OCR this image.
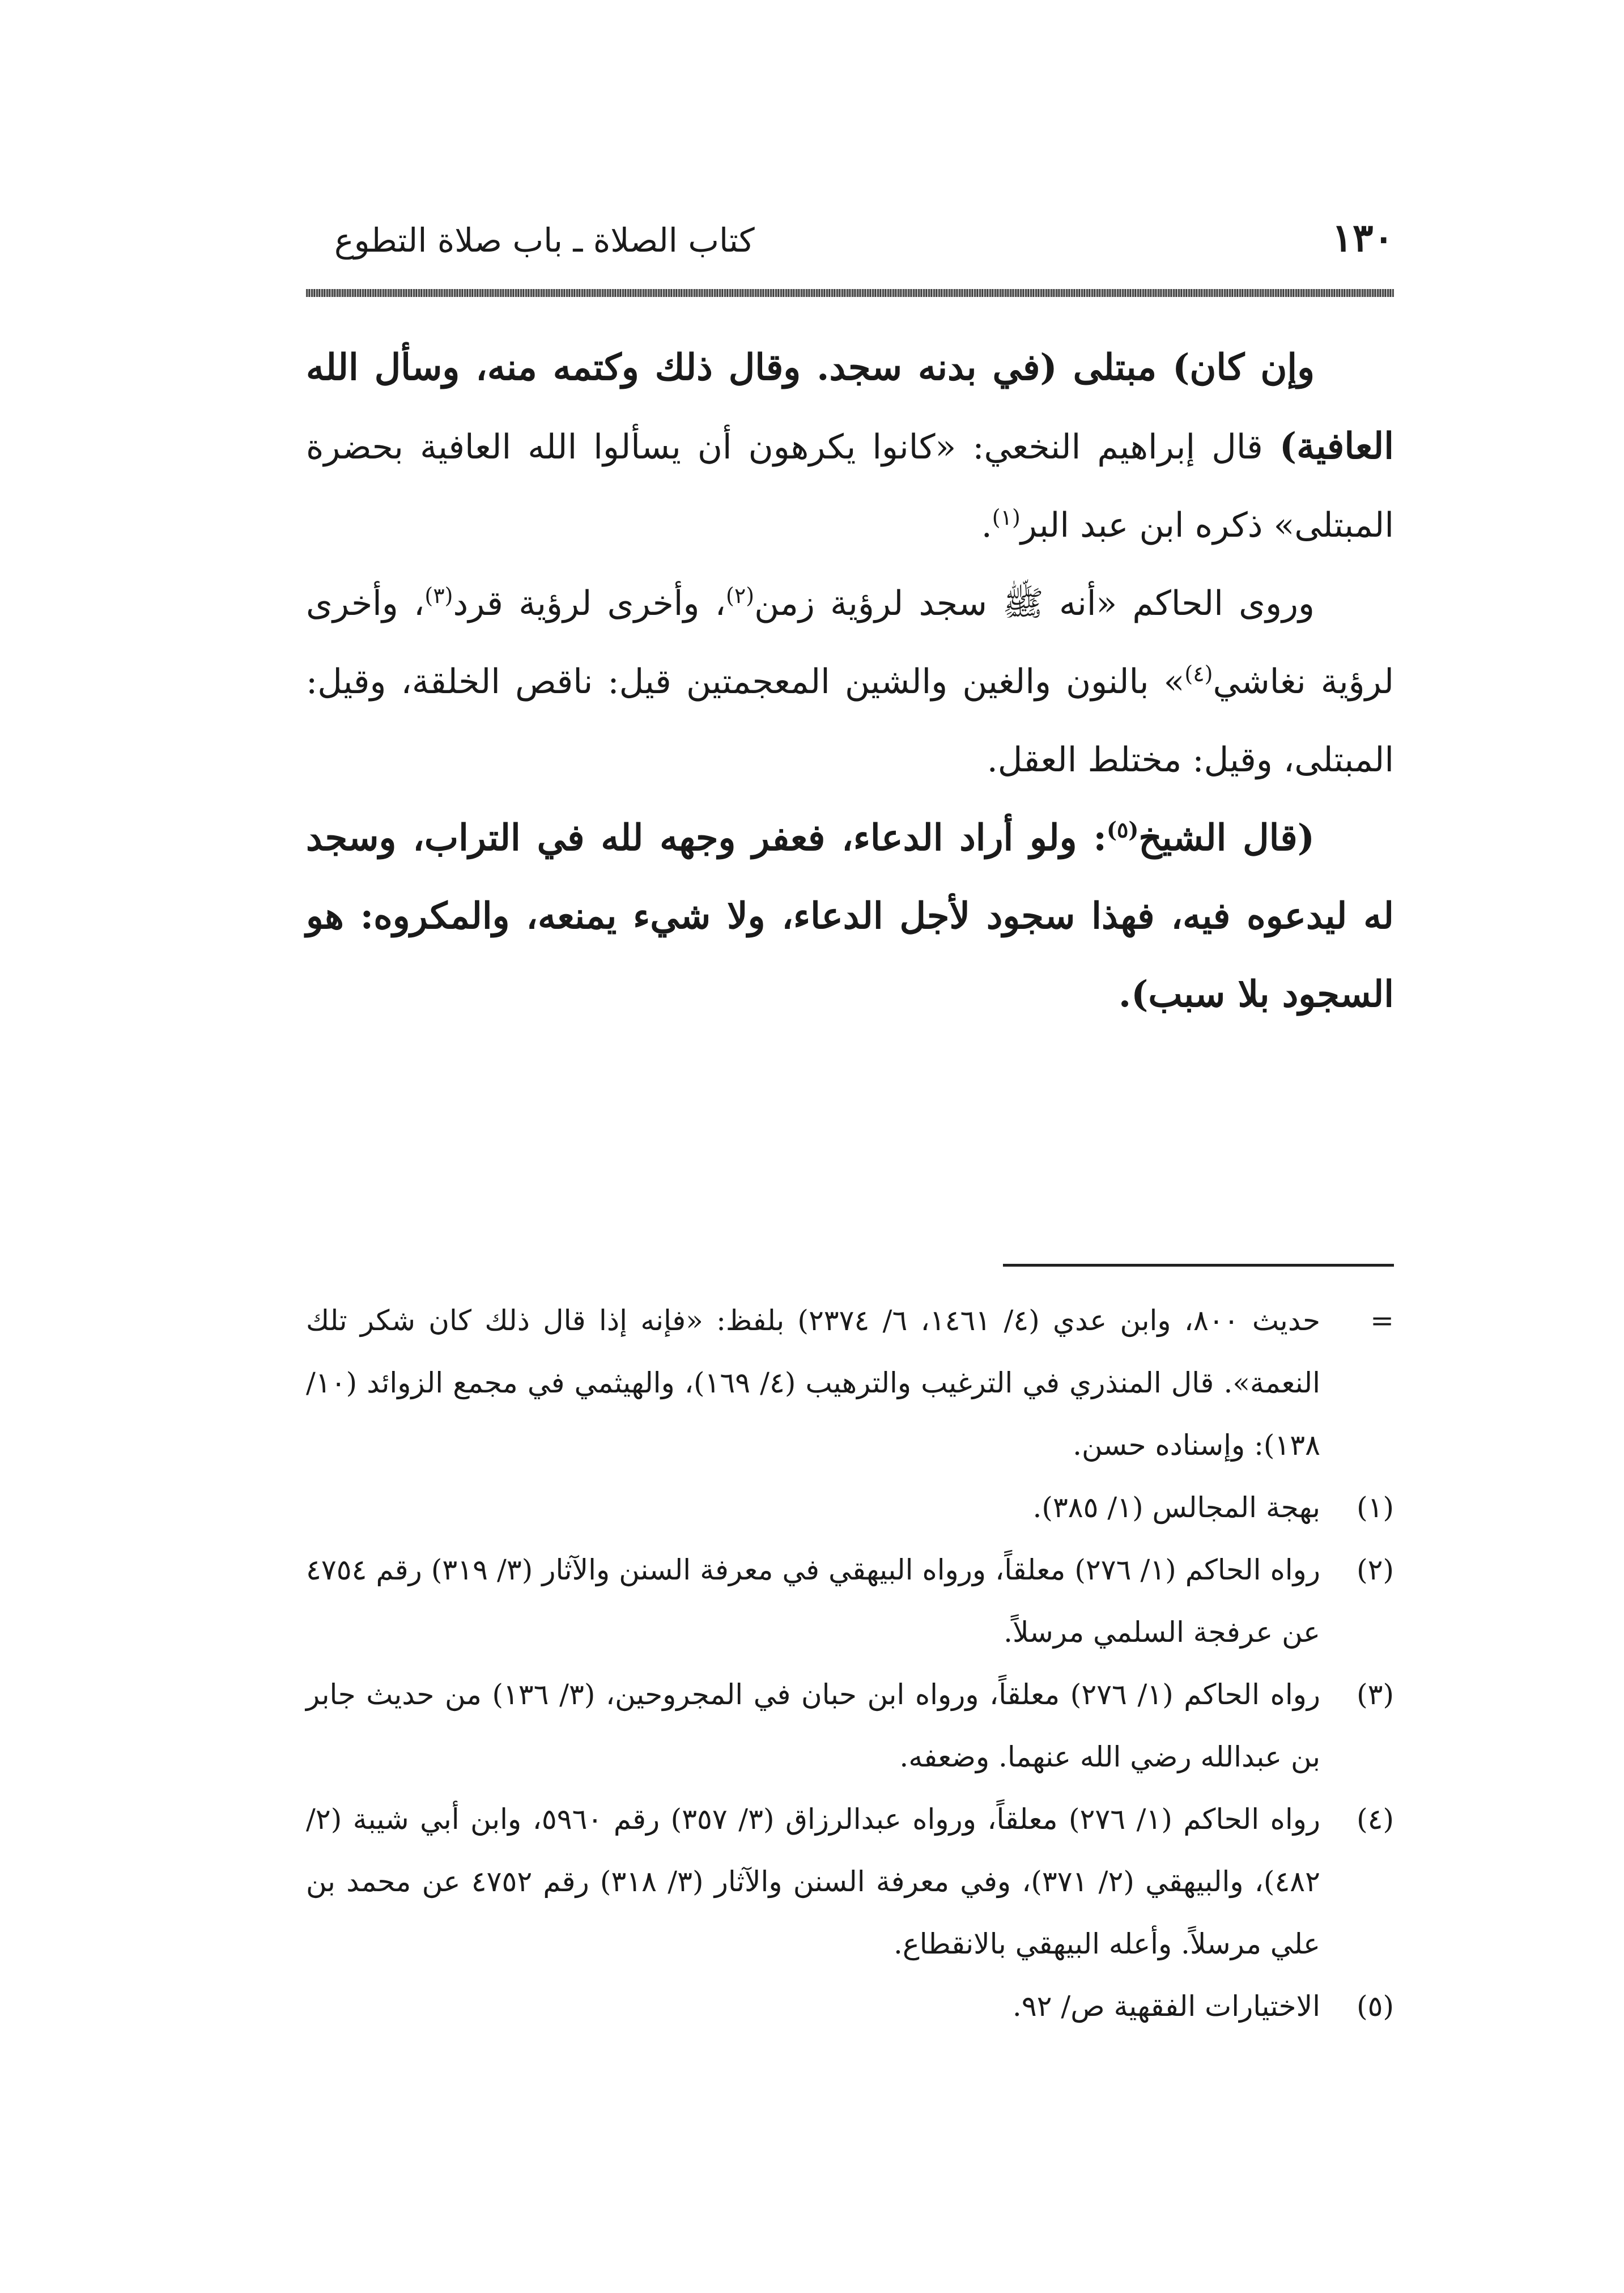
١٣٠
كتاب الصلاة ـ باب صلاة التطوع

وإن كان) مبتلى (في بدنه سجد. وقال ذلك وكتمه منه، وسأل الله العافية) قال إبراهيم النخعي: «كانوا يكرهون أن يسألوا الله العافية بحضرة المبتلى» ذكره ابن عبد البر$^{(١)}$.

وروى الحاكم «أنه ﷺ سجد لرؤية زمن$^{(٢)}$، وأخرى لرؤية قرد$^{(٣)}$، وأخرى لرؤية نغاشي$^{(٤)}$» بالنون والغين والشين المعجمتين قيل: ناقص الخلقة، وقيل: المبتلى، وقيل: مختلط العقل.

(قال الشيخ$^{(٥)}$: ولو أراد الدعاء، فعفر وجهه لله في التراب، وسجد له ليدعوه فيه، فهذا سجود لأجل الدعاء، ولا شيء يمنعه، والمكروه: هو السجود بلا سبب).

=
حديث ٨٠٠، وابن عدي (٤/ ١٤٦١، ٦/ ٢٣٧٤) بلفظ: «فإنه إذا قال ذلك كان شكر تلك النعمة». قال المنذري في الترغيب والترهيب (٤/ ١٦٩)، والهيثمي في مجمع الزوائد (١٠/ ١٣٨): وإسناده حسن.
(١)
بهجة المجالس (١/ ٣٨٥).
(٢)
رواه الحاكم (١/ ٢٧٦) معلقاً، ورواه البيهقي في معرفة السنن والآثار (٣/ ٣١٩) رقم ٤٧٥٤ عن عرفجة السلمي مرسلاً.
(٣)
رواه الحاكم (١/ ٢٧٦) معلقاً، ورواه ابن حبان في المجروحين، (٣/ ١٣٦) من حديث جابر بن عبدالله رضي الله عنهما. وضعفه.
(٤)
رواه الحاكم (١/ ٢٧٦) معلقاً، ورواه عبدالرزاق (٣/ ٣٥٧) رقم ٥٩٦٠، وابن أبي شيبة (٢/ ٤٨٢)، والبيهقي (٢/ ٣٧١)، وفي معرفة السنن والآثار (٣/ ٣١٨) رقم ٤٧٥٢ عن محمد بن علي مرسلاً. وأعله البيهقي بالانقطاع.
(٥)
الاختيارات الفقهية ص/ ٩٢.
